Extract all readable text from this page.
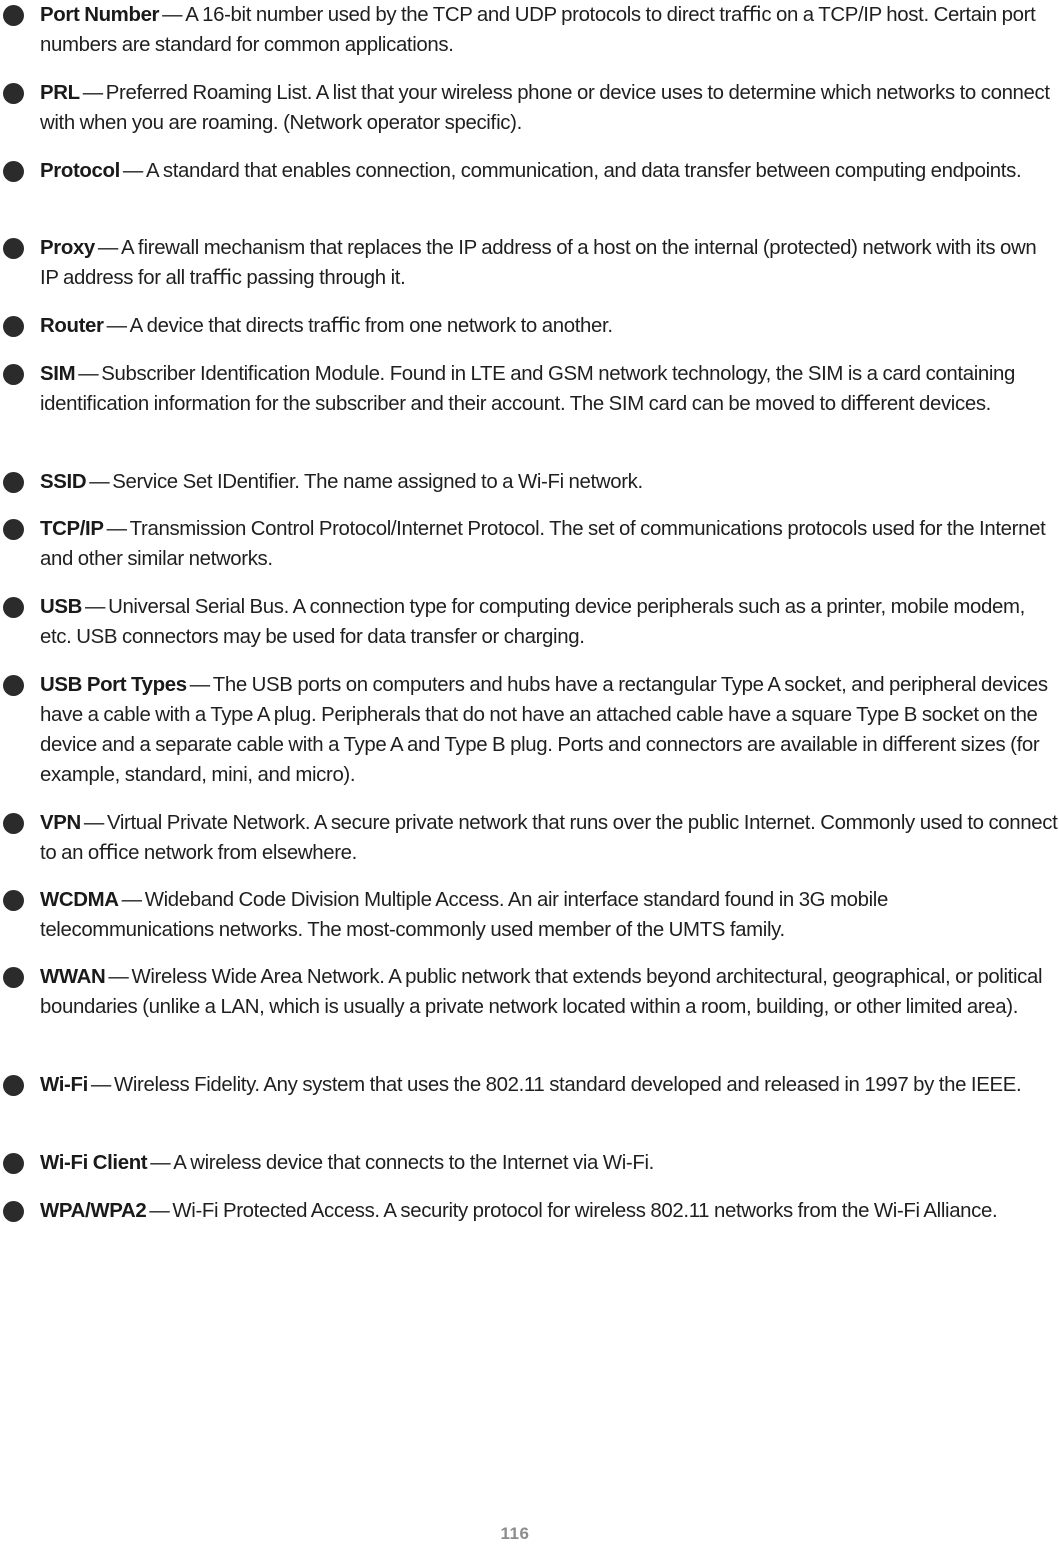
Port Number — A 16-bit number used by the TCP and UDP protocols to direct traﬃc on a TCP/IP host. Certain port numbers are standard for common applications.
PRL — Preferred Roaming List. A list that your wireless phone or device uses to determine which networks to connect with when you are roaming. (Network operator speciﬁc).
Protocol — A standard that enables connection, communication, and data transfer between computing endpoints.
Proxy — A ﬁrewall mechanism that replaces the IP address of a host on the internal (protected) network with its own IP address for all traﬃc passing through it.
Router — A device that directs traﬃc from one network to another.
SIM — Subscriber Identiﬁcation Module. Found in LTE and GSM network technology, the SIM is a card containing identiﬁcation information for the subscriber and their account. The SIM card can be moved to diﬀerent devices.
SSID — Service Set IDentiﬁer. The name assigned to a Wi-Fi network.
TCP/IP — Transmission Control Protocol/Internet Protocol. The set of communications protocols used for the Internet and other similar networks.
USB — Universal Serial Bus. A connection type for computing device peripherals such as a printer, mobile modem, etc. USB connectors may be used for data transfer or charging.
USB Port Types — The USB ports on computers and hubs have a rectangular Type A socket, and peripheral devices have a cable with a Type A plug. Peripherals that do not have an attached cable have a square Type B socket on the device and a separate cable with a Type A and Type B plug. Ports and connectors are available in diﬀerent sizes (for example, standard, mini, and micro).
VPN — Virtual Private Network. A secure private network that runs over the public Internet. Commonly used to connect to an oﬃce network from elsewhere.
WCDMA — Wideband Code Division Multiple Access. An air interface standard found in 3G mobile telecommunications networks. The most-commonly used member of the UMTS family.
WWAN — Wireless Wide Area Network. A public network that extends beyond architectural, geographical, or political boundaries (unlike a LAN, which is usually a private network located within a room, building, or other limited area).
Wi-Fi — Wireless Fidelity. Any system that uses the 802.11 standard developed and released in 1997 by the IEEE.
Wi-Fi Client — A wireless device that connects to the Internet via Wi-Fi.
WPA/WPA2 — Wi-Fi Protected Access. A security protocol for wireless 802.11 networks from the Wi-Fi Alliance.
116
